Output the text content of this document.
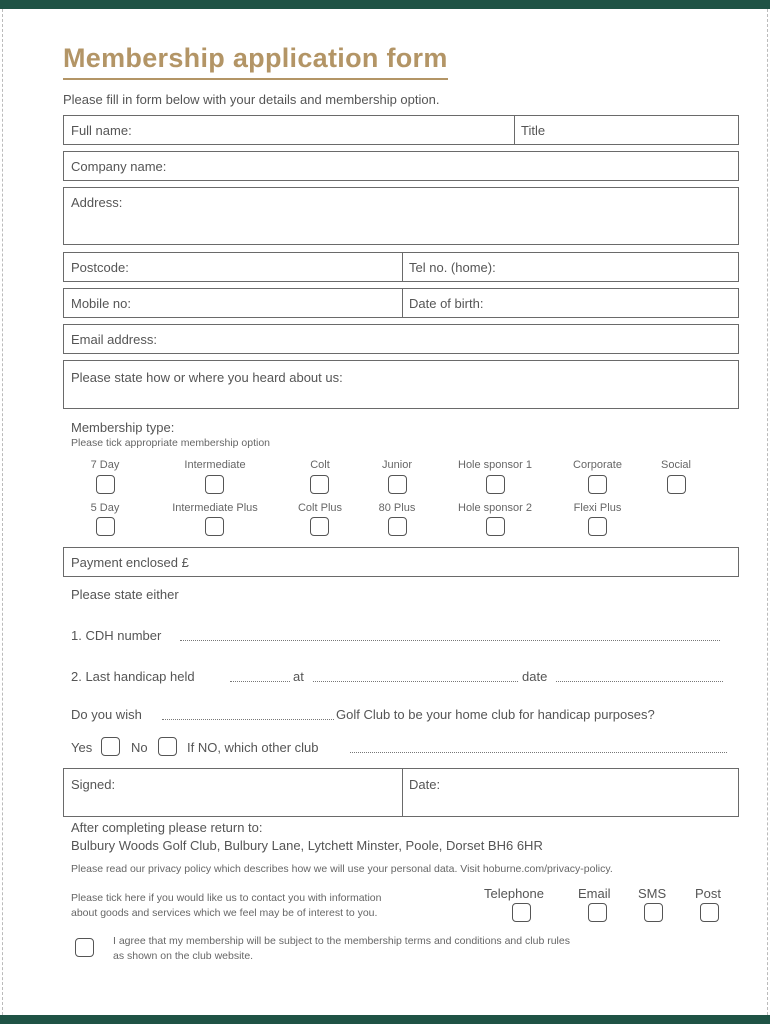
Membership application form
Please fill in form below with your details and membership option.
Full name:	Title
Company name:
Address:
Postcode:	Tel no. (home):
Mobile no:	Date of birth:
Email address:
Please state how or where you heard about us:
Membership type:
Please tick appropriate membership option
7 Day	Intermediate	Colt	Junior	Hole sponsor 1	Corporate	Social
5 Day	Intermediate Plus	Colt Plus	80 Plus	Hole sponsor 2	Flexi Plus
Payment enclosed £
Please state either
1. CDH number
2. Last handicap held	at	date
Do you wish	Golf Club to be your home club for handicap purposes?
Yes	No	If NO, which other club
Signed:	Date:
After completing please return to:
Bulbury Woods Golf Club, Bulbury Lane, Lytchett Minster, Poole, Dorset BH6 6HR
Please read our privacy policy which describes how we will use your personal data. Visit hoburne.com/privacy-policy.
Please tick here if you would like us to contact you with information
about goods and services which we feel may be of interest to you.
Telephone	Email SMS Post
I agree that my membership will be subject to the membership terms and conditions and club rules
as shown on the club website.
